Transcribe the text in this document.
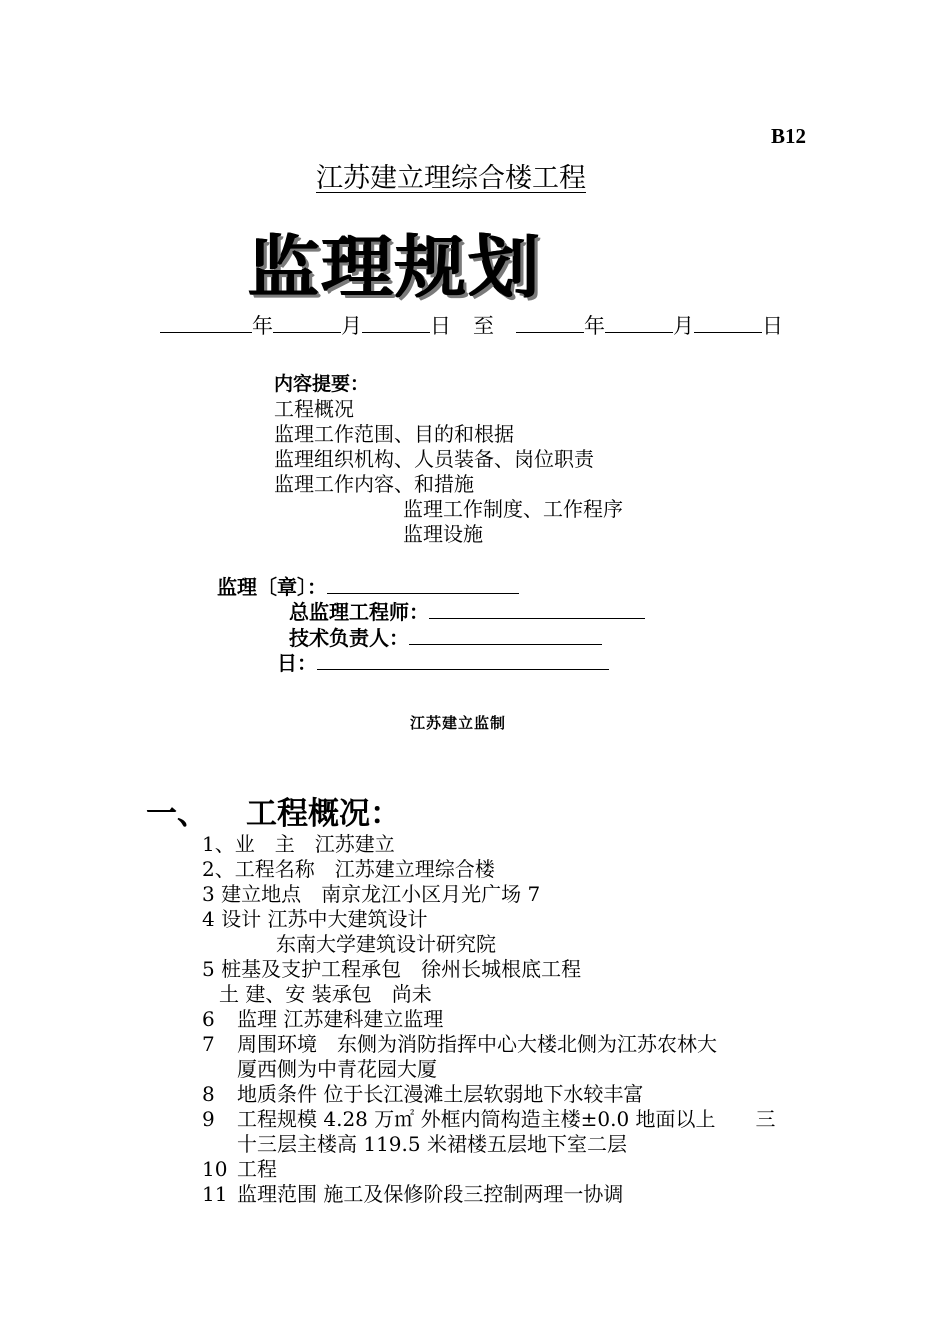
B12
江苏建立理综合楼工程
监理规划
年	月	日 至	年	月	日
内容提要：
工程概况
监理工作范围、目的和根据
监理组织机构、人员装备、岗位职责
监理工作内容、和措施
监理工作制度、工作程序
监理设施
监理〔章〕：
总监理工程师：
技术负责人：
日：
江苏建立监制
一、 工程概况：
1、业　主　 江苏建立
2、工程名称　 江苏建立理综合楼
3 建立地点　 南京龙江小区月光广场 7
4 设计 江苏中大建筑设计
东南大学建筑设计研究院
5 桩基及支护工程承包　 徐州长城根底工程
土 建、安 装承包　 尚未
6 监理 江苏建科建立监理
7 周围环境　东侧为消防指挥中心大楼北侧为江苏农林大
厦西侧为中青花园大厦
8 地质条件 位于长江漫滩土层软弱地下水较丰富
9 工程规模 4.28 万㎡ 外框内筒构造主楼±0.0 地面以上　　三
十三层主楼高 119.5 米裙楼五层地下室二层
10 工程
11 监理范围 施工及保修阶段三控制两理一协调
